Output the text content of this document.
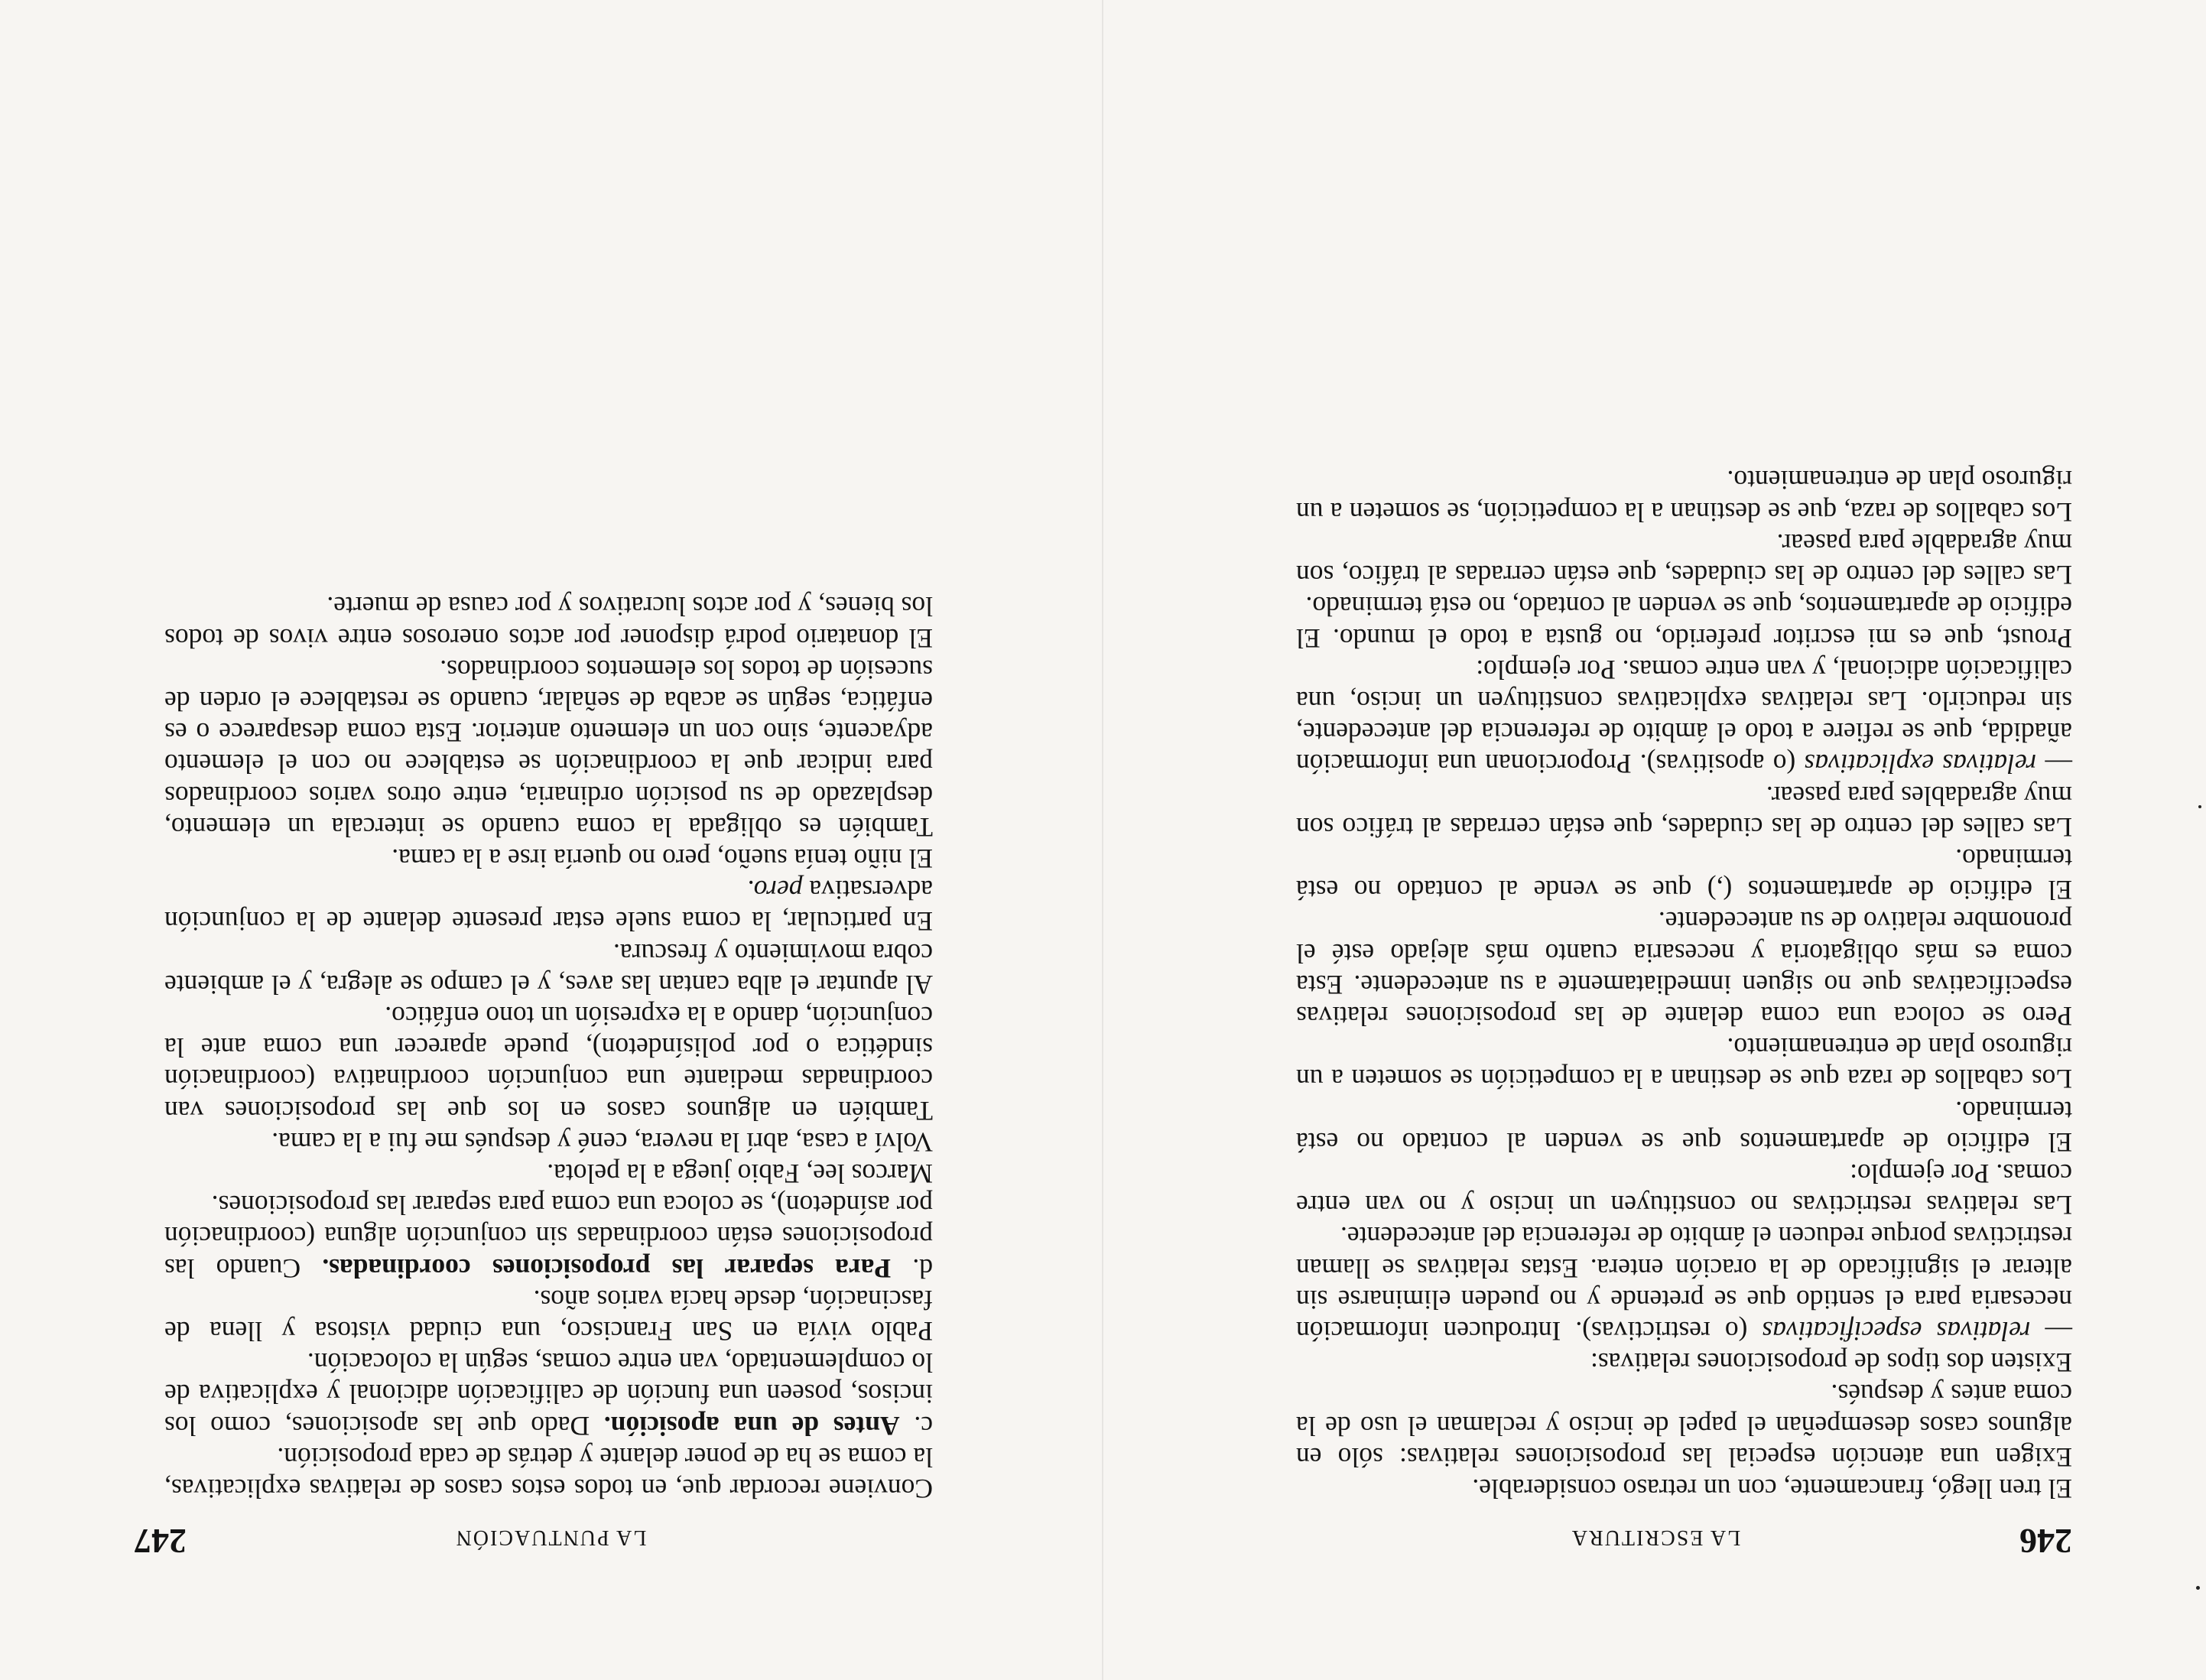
246
LA ESCRITURA

El tren llegó, francamente, con un retraso considerable.

Exigen una atención especial las proposiciones relativas: sólo en algunos casos desempeñan el papel de inciso y reclaman el uso de la coma antes y después.

Existen dos tipos de proposiciones relativas:

— relativas especificativas (o restrictivas). Introducen información necesaria para el sentido que se pretende y no pueden eliminarse sin alterar el significado de la oración entera. Estas relativas se llaman restrictivas porque reducen el ámbito de referencia del antecedente.

Las relativas restrictivas no constituyen un inciso y no van entre comas. Por ejemplo:

El edificio de apartamentos que se venden al contado no está terminado.

Los caballos de raza que se destinan a la competición se someten a un riguroso plan de entrenamiento.

Pero se coloca una coma delante de las proposiciones relativas especificativas que no siguen inmediatamente a su antecedente. Esta coma es más obligatoria y necesaria cuanto más alejado esté el pronombre relativo de su antecedente.

El edificio de apartamentos (,) que se vende al contado no está terminado.

Las calles del centro de las ciudades, que están cerradas al tráfico son muy agradables para pasear.

— relativas explicativas (o apositivas). Proporcionan una información añadida, que se refiere a todo el ámbito de referencia del antecedente, sin reducirlo. Las relativas explicativas constituyen un inciso, una calificación adicional, y van entre comas. Por ejemplo:

Proust, que es mi escritor preferido, no gusta a todo el mundo. El edificio de apartamentos, que se venden al contado, no está terminado.

Las calles del centro de las ciudades, que están cerradas al tráfico, son muy agradable para pasear.

Los caballos de raza, que se destinan a la competición, se someten a un riguroso plan de entrenamiento.

LA PUNTUACIÓN
247

Conviene recordar que, en todos estos casos de relativas explicativas, la coma se ha de poner delante y detrás de cada proposición.

c. Antes de una aposición. Dado que las aposiciones, como los incisos, poseen una función de calificación adicional y explicativa de lo complementado, van entre comas, según la colocación.

Pablo vivía en San Francisco, una ciudad vistosa y llena de fascinación, desde hacía varios años.

d. Para separar las proposiciones coordinadas. Cuando las proposiciones están coordinadas sin conjunción alguna (coordinación por asíndeton), se coloca una coma para separar las proposiciones.

Marcos lee, Fabio juega a la pelota.

Volví a casa, abrí la nevera, cené y después me fui a la cama.

También en algunos casos en los que las proposiciones van coordinadas mediante una conjunción coordinativa (coordinación sindética o por polisíndeton), puede aparecer una coma ante la conjunción, dando a la expresión un tono enfático.

Al apuntar el alba cantan las aves, y el campo se alegra, y el ambiente cobra movimiento y frescura.

En particular, la coma suele estar presente delante de la conjunción adversativa pero.

El niño tenía sueño, pero no quería irse a la cama.

También es obligada la coma cuando se intercala un elemento, desplazado de su posición ordinaria, entre otros varios coordinados para indicar que la coordinación se establece no con el elemento adyacente, sino con un elemento anterior. Esta coma desaparece o es enfática, según se acaba de señalar, cuando se restablece el orden de sucesión de todos los elementos coordinados.

El donatario podrá disponer por actos onerosos entre vivos de todos los bienes, y por actos lucrativos y por causa de muerte.
